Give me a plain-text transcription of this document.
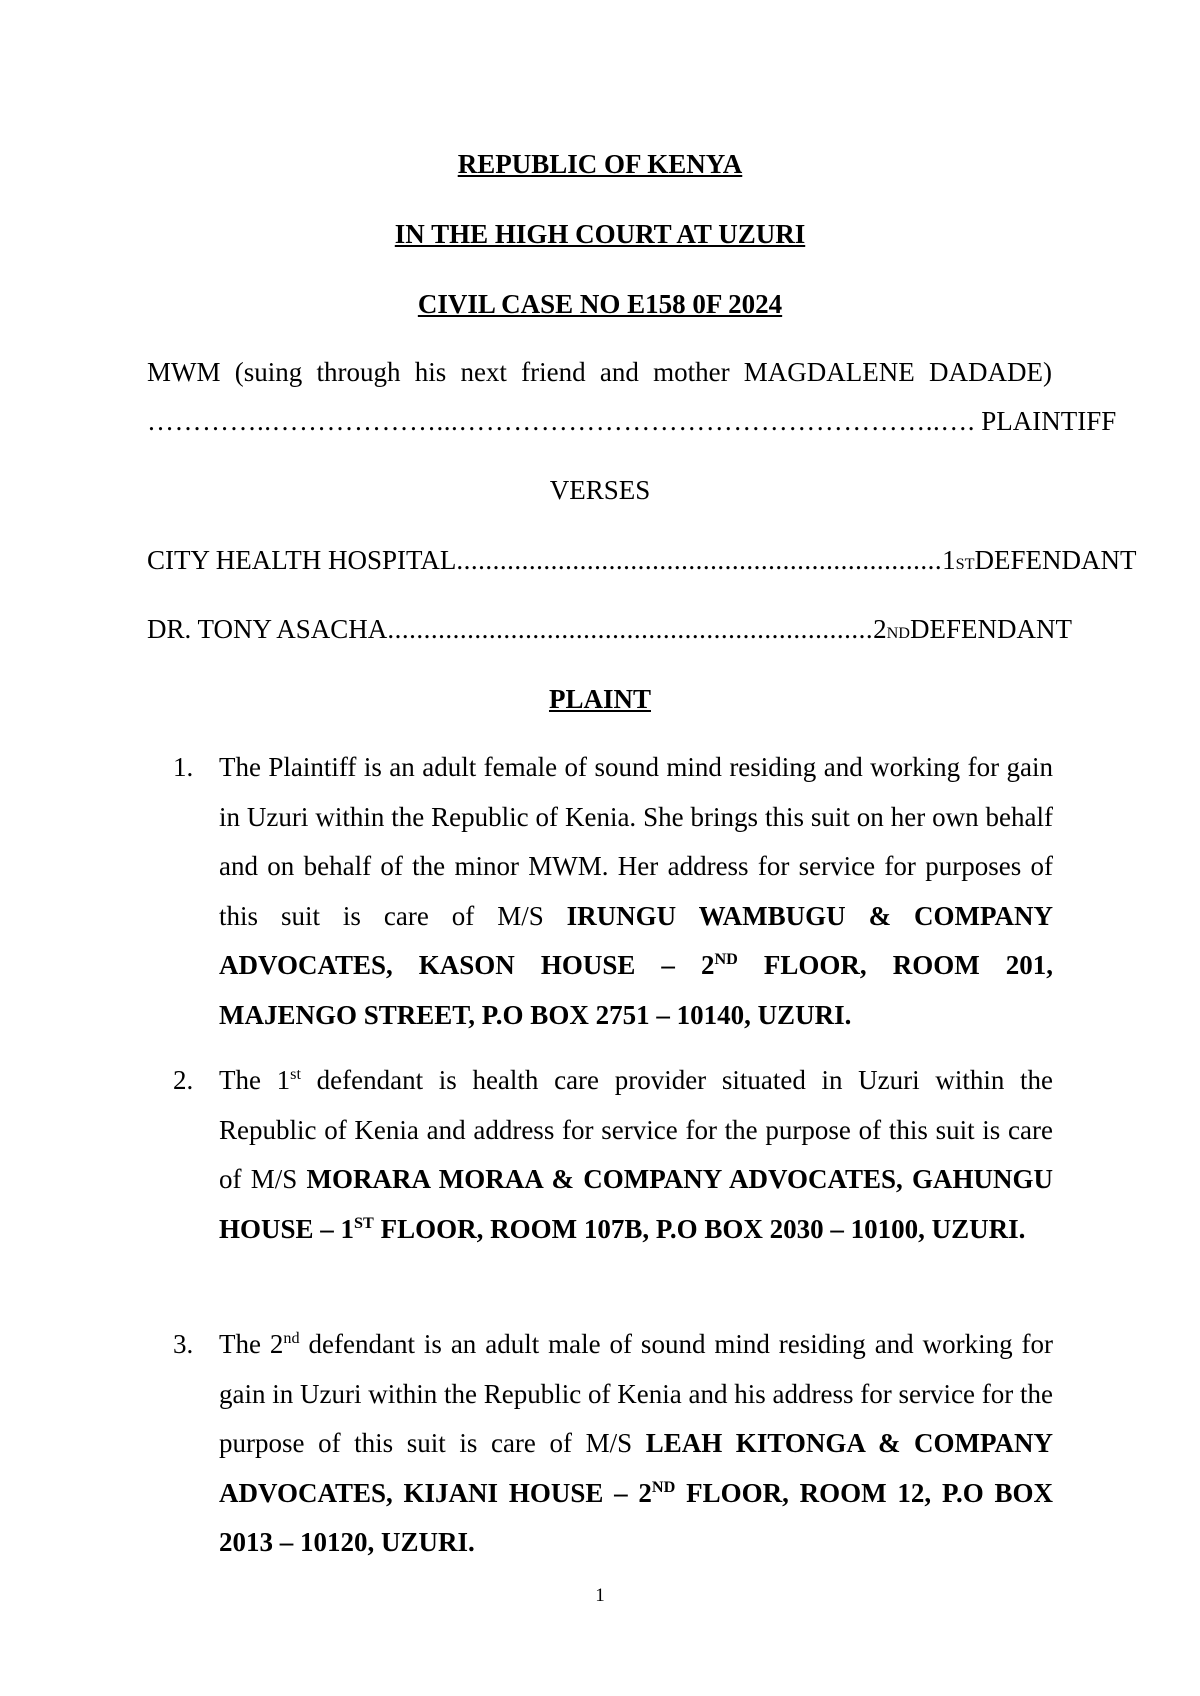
REPUBLIC OF KENYA
IN THE HIGH COURT AT UZURI
CIVIL CASE NO E158 0F 2024
MWM (suing through his next friend and mother MAGDALENE DADADE)
…………..………………...……………………………………………..… . PLAINTIFF
VERSES
CITY HEALTH HOSPITAL ................................................................... 1 ST DEFENDANT
DR. TONY ASACHA ................................................................... 2 ND DEFENDANT
PLAINT
1. The Plaintiff is an adult female of sound mind residing and working for gain in Uzuri within the Republic of Kenia. She brings this suit on her own behalf and on behalf of the minor MWM. Her address for service for purposes of this suit is care of M/S IRUNGU WAMBUGU & COMPANY ADVOCATES, KASON HOUSE – 2ND FLOOR, ROOM 201, MAJENGO STREET, P.O BOX 2751 – 10140, UZURI.
2. The 1st defendant is health care provider situated in Uzuri within the Republic of Kenia and address for service for the purpose of this suit is care of M/S MORARA MORAA & COMPANY ADVOCATES, GAHUNGU HOUSE – 1ST FLOOR, ROOM 107B, P.O BOX 2030 – 10100, UZURI.
3. The 2nd defendant is an adult male of sound mind residing and working for gain in Uzuri within the Republic of Kenia and his address for service for the purpose of this suit is care of M/S LEAH KITONGA & COMPANY ADVOCATES, KIJANI HOUSE – 2ND FLOOR, ROOM 12, P.O BOX 2013 – 10120, UZURI.
1
